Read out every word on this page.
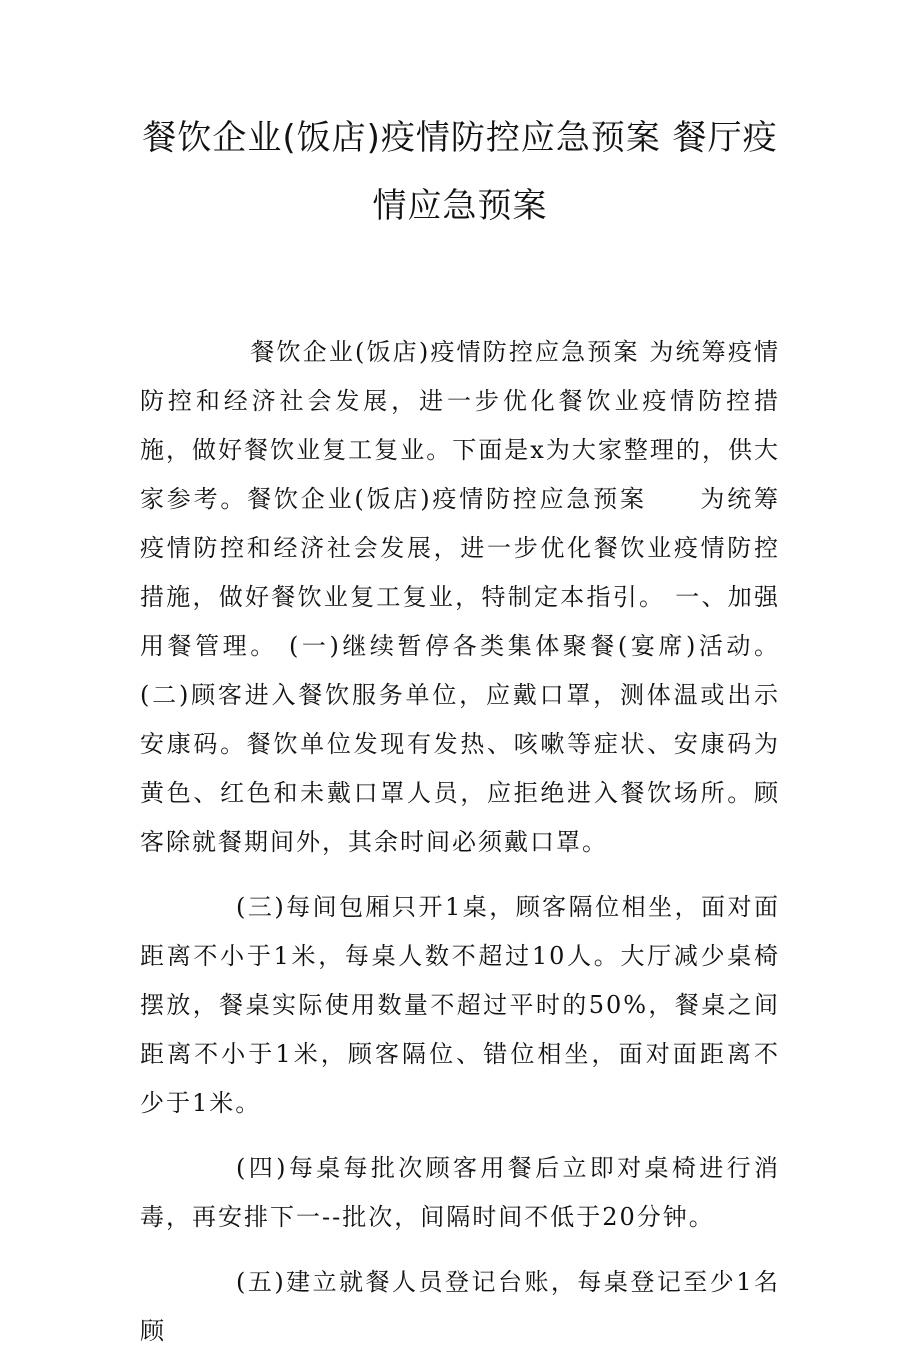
餐饮企业(饭店)疫情防控应急预案 餐厅疫情应急预案

餐饮企业(饭店)疫情防控应急预案 为统筹疫情防控和经济社会发展，进一步优化餐饮业疫情防控措施，做好餐饮业复工复业。下面是x为大家整理的，供大家参考。餐饮企业(饭店)疫情防控应急预案　　为统筹疫情防控和经济社会发展，进一步优化餐饮业疫情防控措施，做好餐饮业复工复业，特制定本指引。 一、加强用餐管理。 (一)继续暂停各类集体聚餐(宴席)活动。 (二)顾客进入餐饮服务单位，应戴口罩，测体温或出示安康码。餐饮单位发现有发热、咳嗽等症状、安康码为黄色、红色和未戴口罩人员，应拒绝进入餐饮场所。顾客除就餐期间外，其余时间必须戴口罩。

(三)每间包厢只开1桌，顾客隔位相坐，面对面距离不小于1米，每桌人数不超过10人。大厅减少桌椅摆放，餐桌实际使用数量不超过平时的50%，餐桌之间距离不小于1米，顾客隔位、错位相坐，面对面距离不少于1米。

(四)每桌每批次顾客用餐后立即对桌椅进行消毒，再安排下一--批次，间隔时间不低于20分钟。

(五)建立就餐人员登记台账，每桌登记至少1名顾
